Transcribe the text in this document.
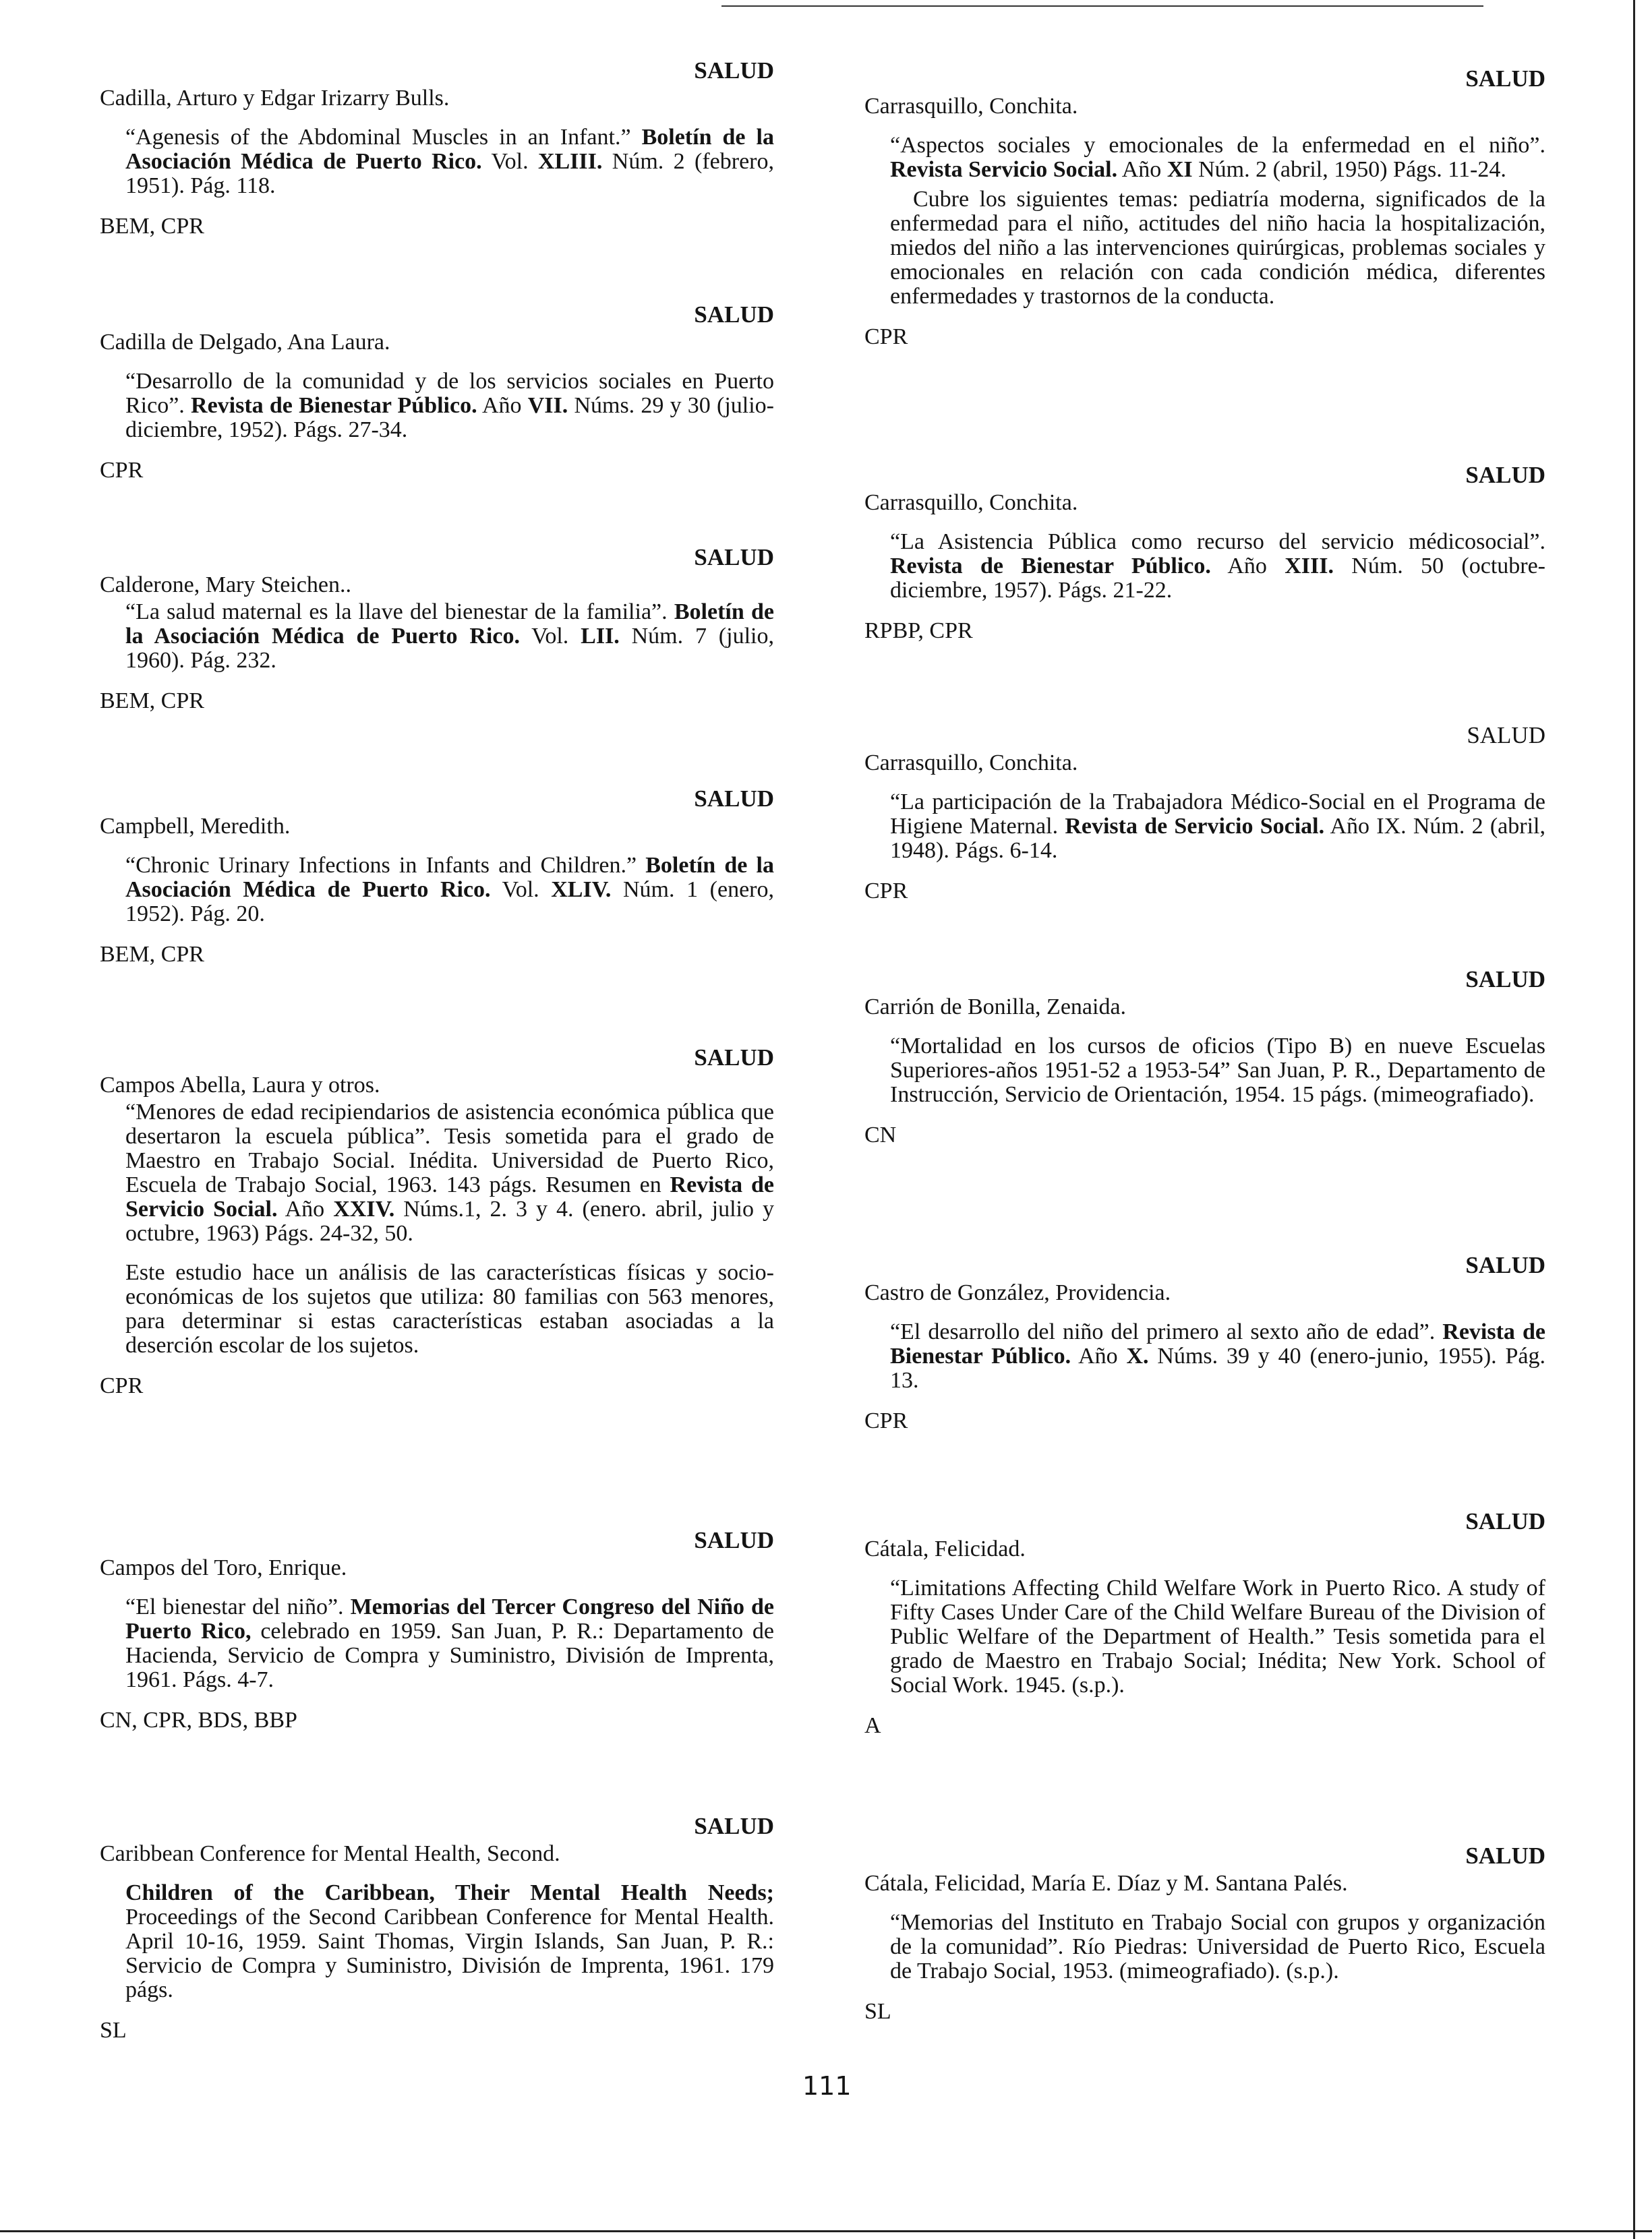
SALUD
Cadilla, Arturo y Edgar Irizarry Bulls.
“Agenesis of the Abdominal Muscles in an Infant.” Boletín de la Asociación Médica de Puerto Rico. Vol. XLIII. Núm. 2 (febrero, 1951). Pág. 118.
BEM, CPR
SALUD
Cadilla de Delgado, Ana Laura.
“Desarrollo de la comunidad y de los servicios sociales en Puerto Rico”. Revista de Bienestar Público. Año VII. Núms. 29 y 30 (julio-diciembre, 1952). Págs. 27-34.
CPR
SALUD
Calderone, Mary Steichen..
“La salud maternal es la llave del bienestar de la familia”. Boletín de la Asociación Médica de Puerto Rico. Vol. LII. Núm. 7 (julio, 1960). Pág. 232.
BEM, CPR
SALUD
Campbell, Meredith.
“Chronic Urinary Infections in Infants and Children.” Boletín de la Asociación Médica de Puerto Rico. Vol. XLIV. Núm. 1 (enero, 1952). Pág. 20.
BEM, CPR
SALUD
Campos Abella, Laura y otros.
“Menores de edad recipiendarios de asistencia económica pública que desertaron la escuela pública”. Tesis sometida para el grado de Maestro en Trabajo Social. Inédita. Universidad de Puerto Rico, Escuela de Trabajo Social, 1963. 143 págs. Resumen en Revista de Servicio Social. Año XXIV. Núms.1, 2. 3 y 4. (enero. abril, julio y octubre, 1963) Págs. 24-32, 50.
Este estudio hace un análisis de las características físicas y socio-económicas de los sujetos que utiliza: 80 familias con 563 menores, para determinar si estas características estaban asociadas a la deserción escolar de los sujetos.
CPR
SALUD
Campos del Toro, Enrique.
“El bienestar del niño”. Memorias del Tercer Congreso del Niño de Puerto Rico, celebrado en 1959. San Juan, P. R.: Departamento de Hacienda, Servicio de Compra y Suministro, División de Imprenta, 1961. Págs. 4-7.
CN, CPR, BDS, BBP
SALUD
Caribbean Conference for Mental Health, Second.
Children of the Caribbean, Their Mental Health Needs; Proceedings of the Second Caribbean Conference for Mental Health. April 10-16, 1959. Saint Thomas, Virgin Islands, San Juan, P. R.: Servicio de Compra y Suministro, División de Imprenta, 1961. 179 págs.
SL
SALUD
Carrasquillo, Conchita.
“Aspectos sociales y emocionales de la enfermedad en el niño”. Revista Servicio Social. Año XI Núm. 2 (abril, 1950) Págs. 11-24.
Cubre los siguientes temas: pediatría moderna, significados de la enfermedad para el niño, actitudes del niño hacia la hospitalización, miedos del niño a las intervenciones quirúrgicas, problemas sociales y emocionales en relación con cada condición médica, diferentes enfermedades y trastornos de la conducta.
CPR
SALUD
Carrasquillo, Conchita.
“La Asistencia Pública como recurso del servicio médicosocial”. Revista de Bienestar Público. Año XIII. Núm. 50 (octubre-diciembre, 1957). Págs. 21-22.
RPBP, CPR
SALUD
Carrasquillo, Conchita.
“La participación de la Trabajadora Médico-Social en el Programa de Higiene Maternal. Revista de Servicio Social. Año IX. Núm. 2 (abril, 1948). Págs. 6-14.
CPR
SALUD
Carrión de Bonilla, Zenaida.
“Mortalidad en los cursos de oficios (Tipo B) en nueve Escuelas Superiores-años 1951-52 a 1953-54” San Juan, P. R., Departamento de Instrucción, Servicio de Orientación, 1954. 15 págs. (mimeografiado).
CN
SALUD
Castro de González, Providencia.
“El desarrollo del niño del primero al sexto año de edad”. Revista de Bienestar Público. Año X. Núms. 39 y 40 (enero-junio, 1955). Pág. 13.
CPR
SALUD
Cátala, Felicidad.
“Limitations Affecting Child Welfare Work in Puerto Rico. A study of Fifty Cases Under Care of the Child Welfare Bureau of the Division of Public Welfare of the Department of Health.” Tesis sometida para el grado de Maestro en Trabajo Social; Inédita; New York. School of Social Work. 1945. (s.p.).
A
SALUD
Cátala, Felicidad, María E. Díaz y M. Santana Palés.
“Memorias del Instituto en Trabajo Social con grupos y organización de la comunidad”. Río Piedras: Universidad de Puerto Rico, Escuela de Trabajo Social, 1953. (mimeografiado). (s.p.).
SL
111
